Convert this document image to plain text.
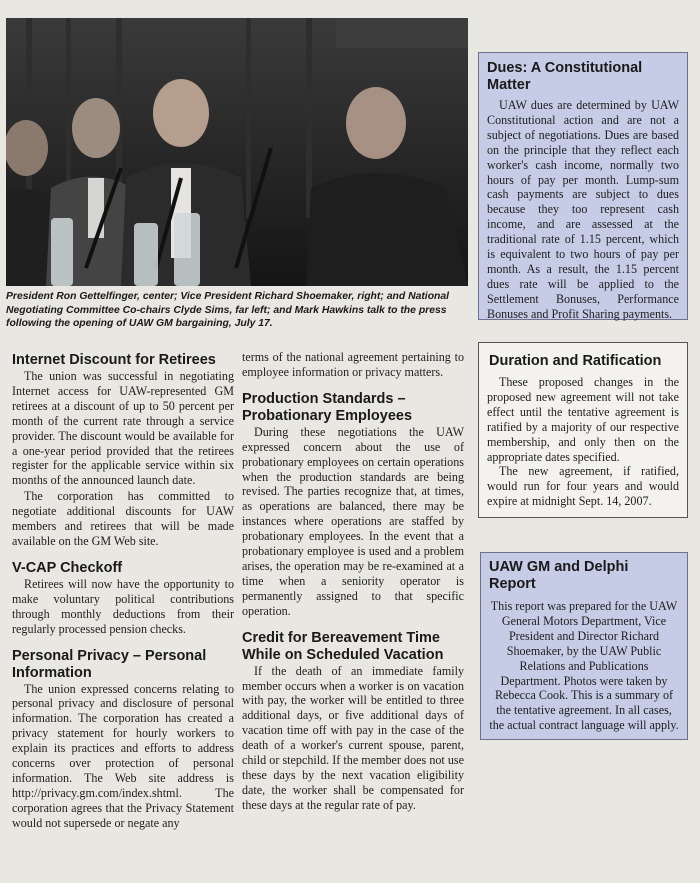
President Ron Gettelfinger, center; Vice President Richard Shoemaker, right; and National Negotiating Committee Co-chairs Clyde Sims, far left; and Mark Hawkins talk to the press following the opening of UAW GM bargaining, July 17.
Internet Discount for Retirees

The union was successful in negotiating Internet access for UAW-represented GM retirees at a discount of up to 50 percent per month of the current rate through a service provider. The discount would be available for a one-year period provided that the retirees register for the applicable service within six months of the announced launch date.

The corporation has committed to negotiate additional discounts for UAW members and retirees that will be made available on the GM Web site.

V-CAP Checkoff

Retirees will now have the opportunity to make voluntary political contributions through monthly deductions from their regularly processed pension checks.

Personal Privacy – Personal Information

The union expressed concerns relating to personal privacy and disclosure of personal information. The corporation has created a privacy statement for hourly workers to explain its practices and efforts to address concerns over protection of personal information. The Web site address is http://privacy.gm.com/index.shtml. The corporation agrees that the Privacy Statement would not supersede or negate any

terms of the national agreement pertaining to employee information or privacy matters.

Production Standards – Probationary Employees

During these negotiations the UAW expressed concern about the use of probationary employees on certain operations when the production standards are being revised. The parties recognize that, at times, as operations are balanced, there may be instances where operations are staffed by probationary employees. In the event that a probationary employee is used and a problem arises, the operation may be re-examined at a time when a seniority operator is permanently assigned to that specific operation.

Credit for Bereavement Time While on Scheduled Vacation

If the death of an immediate family member occurs when a worker is on vacation with pay, the worker will be entitled to three additional days, or five additional days of vacation time off with pay in the case of the death of a worker's current spouse, parent, child or stepchild. If the member does not use these days by the next vacation eligibility date, the worker shall be compensated for these days at the regular rate of pay.

Dues: A Constitutional Matter

UAW dues are determined by UAW Constitutional action and are not a subject of negotiations. Dues are based on the principle that they reflect each worker's cash income, normally two hours of pay per month. Lump-sum cash payments are subject to dues because they too represent cash income, and are assessed at the traditional rate of 1.15 percent, which is equivalent to two hours of pay per month. As a result, the 1.15 percent dues rate will be applied to the Settlement Bonuses, Performance Bonuses and Profit Sharing payments.

Duration and Ratification

These proposed changes in the proposed new agreement will not take effect until the tentative agreement is ratified by a majority of our respective membership, and only then on the appropriate dates specified.

The new agreement, if ratified, would run for four years and would expire at midnight Sept. 14, 2007.

UAW GM and Delphi Report

This report was prepared for the UAW General Motors Department, Vice President and Director Richard Shoemaker, by the UAW Public Relations and Publications Department. Photos were taken by Rebecca Cook. This is a summary of the tentative agreement. In all cases, the actual contract language will apply.
